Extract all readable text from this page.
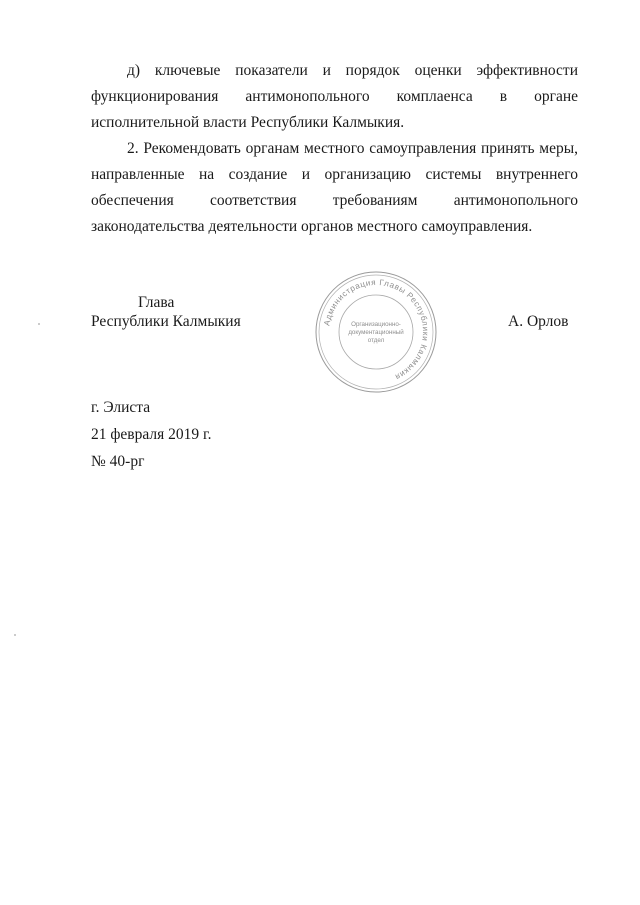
д) ключевые показатели и порядок оценки эффективности
функционирования антимонопольного комплаенса в органе
исполнительной власти Республики Калмыкия.
2. Рекомендовать органам местного самоуправления принять меры,
направленные на создание и организацию системы внутреннего
обеспечения соответствия требованиям антимонопольного
законодательства деятельности органов местного самоуправления.
Глава
Республики Калмыкия	А. Орлов
Администрация Главы Республики Калмыкия
Организационно-
документационный
отдел
г. Элиста
21 февраля 2019 г.
№ 40-рг
